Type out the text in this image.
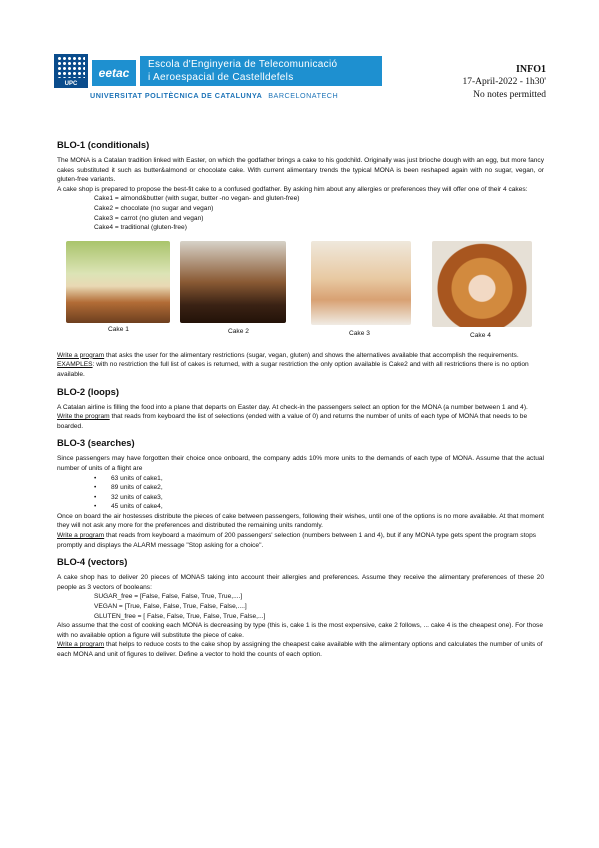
UPC
eetac
Escola d'Enginyeria de Telecomunicació
i Aeroespacial de Castelldefels
UNIVERSITAT POLITÈCNICA DE CATALUNYA BARCELONATECH
INFO1
17-April-2022 - 1h30'
No notes permitted
BLO-1 (conditionals)

The MONA is a Catalan tradition linked with Easter, on which the godfather brings a cake to his godchild. Originally was just brioche dough with an egg, but more fancy cakes substituted it such as butter&almond or chocolate cake. With current alimentary trends the typical MONA is been reshaped again with no sugar, vegan, or gluten-free variants.

A cake shop is prepared to propose the best-fit cake to a confused godfather. By asking him about any allergies or preferences they will offer one of their 4 cakes:

Cake1 = almond&butter (with sugar, butter -no vegan- and gluten-free)
Cake2 = chocolate (no sugar and vegan)
Cake3 = carrot (no gluten and vegan)
Cake4 = traditional (gluten-free)
Cake 1	Cake 2	Cake 3	Cake 4

Write a program that asks the user for the alimentary restrictions (sugar, vegan, gluten) and shows the alternatives available that accomplish the requirements.

EXAMPLES: with no restriction the full list of cakes is returned, with a sugar restriction the only option available is Cake2 and with all restrictions there is no option available.

BLO-2 (loops)

A Catalan airline is filling the food into a plane that departs on Easter day. At check-in the passengers select an option for the MONA (a number between 1 and 4).

Write the program that reads from keyboard the list of selections (ended with a value of 0) and returns the number of units of each type of MONA that needs to be boarded.

BLO-3 (searches)

Since passengers may have forgotten their choice once onboard, the company adds 10% more units to the demands of each type of MONA. Assume that the actual number of units of a flight are

• 63 units of cake1,
• 89 units of cake2,
• 32 units of cake3,
• 45 units of cake4,

Once on board the air hostesses distribute the pieces of cake between passengers, following their wishes, until one of the options is no more available. At that moment they will not ask any more for the preferences and distributed the remaining units randomly.

Write a program that reads from keyboard a maximum of 200 passengers' selection (numbers between 1 and 4), but if any MONA type gets spent the program stops promptly and displays the ALARM message "Stop asking for a choice".

BLO-4 (vectors)

A cake shop has to deliver 20 pieces of MONAS taking into account their allergies and preferences. Assume they receive the alimentary preferences of these 20 people as 3 vectors of booleans:

SUGAR_free = [False, False, False, True, True,....]
VEGAN = [True, False, False, True, False, False,....]
GLUTEN_free = [ False, False, True, False, True, False,...]

Also assume that the cost of cooking each MONA is decreasing by type (this is, cake 1 is the most expensive, cake 2 follows, ... cake 4 is the cheapest one). For those with no available option a figure will substitute the piece of cake.

Write a program that helps to reduce costs to the cake shop by assigning the cheapest cake available with the alimentary options and calculates the number of units of each MONA and unit of figures to deliver. Define a vector to hold the counts of each option.
